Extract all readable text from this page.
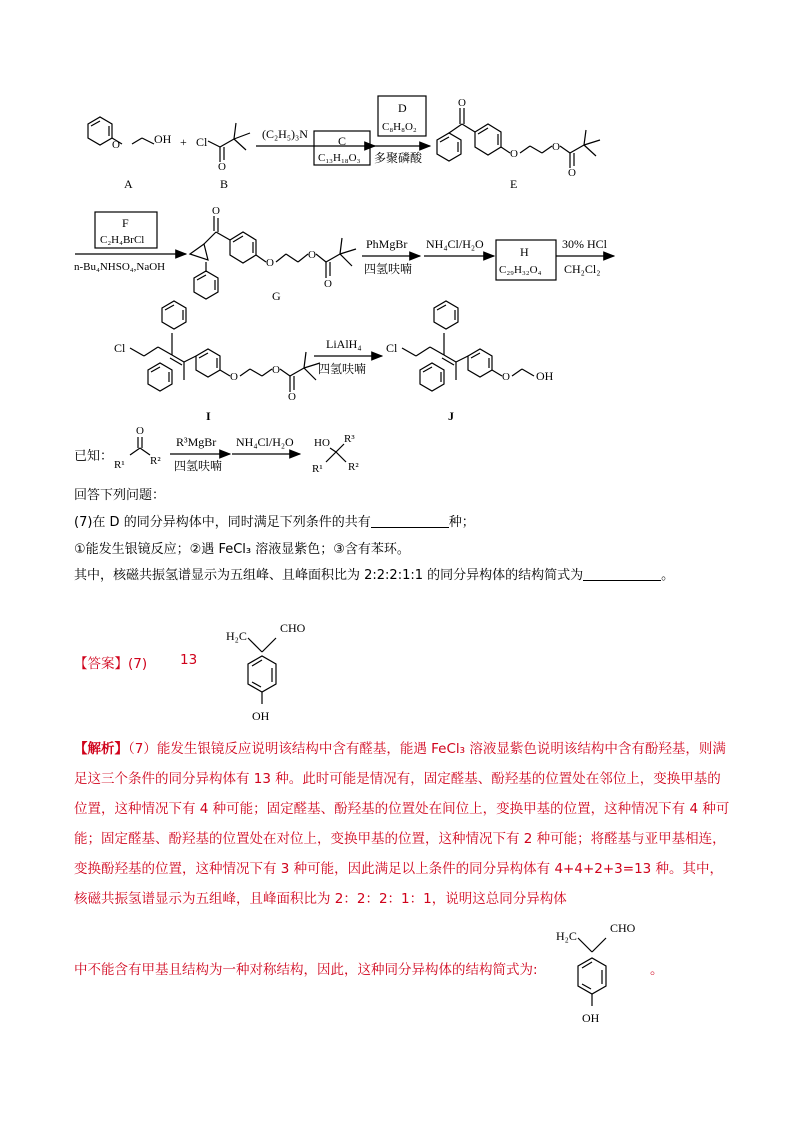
OH
O
A
+ Cl
O
B
(C₂H₅)₃N	C
C₁₃H₁₈O₃
D
C₈H₈O₂
多聚磷酸
O
O
O
O
E
F
C₂H₄BrCl
n-Bu₄NHSO₄,NaOH
O
O
O
O
G
PhMgBr
四氢呋喃
NH₄Cl/H₂O
H
C₂₉H₃₂O₄
30% HCl
CH₂Cl₂
Cl
O
O
O
I
LiAlH₄
四氢呋喃
Cl
O OH
J
已知：
O
R¹ R²
R³MgBr
四氢呋喃
NH₄Cl/H₂O HO R³
R¹ R²
回答下列问题：
(7)在 D 的同分异构体中，同时满足下列条件的共有	种；
①能发生银镜反应；②遇 FeCl₃ 溶液显紫色；③含有苯环。
其中，核磁共振氢谱显示为五组峰、且峰面积比为 2:2:2:1:1 的同分异构体的结构简式为	。
【答案】(7) 13
H₂C
CHO
OH
【解析】（7）能发生银镜反应说明该结构中含有醛基，能遇 FeCl₃ 溶液显紫色说明该结构中含有酚羟基，则满足这三个条件的同分异构体有 13 种。此时可能是情况有，固定醛基、酚羟基的位置处在邻位上，变换甲基的位置，这种情况下有 4 种可能；固定醛基、酚羟基的位置处在间位上，变换甲基的位置，这种情况下有 4 种可能；固定醛基、酚羟基的位置处在对位上，变换甲基的位置，这种情况下有 2 种可能；将醛基与亚甲基相连，变换酚羟基的位置，这种情况下有 3 种可能，因此满足以上条件的同分异构体有 4+4+2+3=13 种。其中，核磁共振氢谱显示为五组峰，且峰面积比为 2：2：2：1：1，说明这总同分异构体
中不能含有甲基且结构为一种对称结构，因此，这种同分异构体的结构简式为:	。
H₂C
CHO
OH
